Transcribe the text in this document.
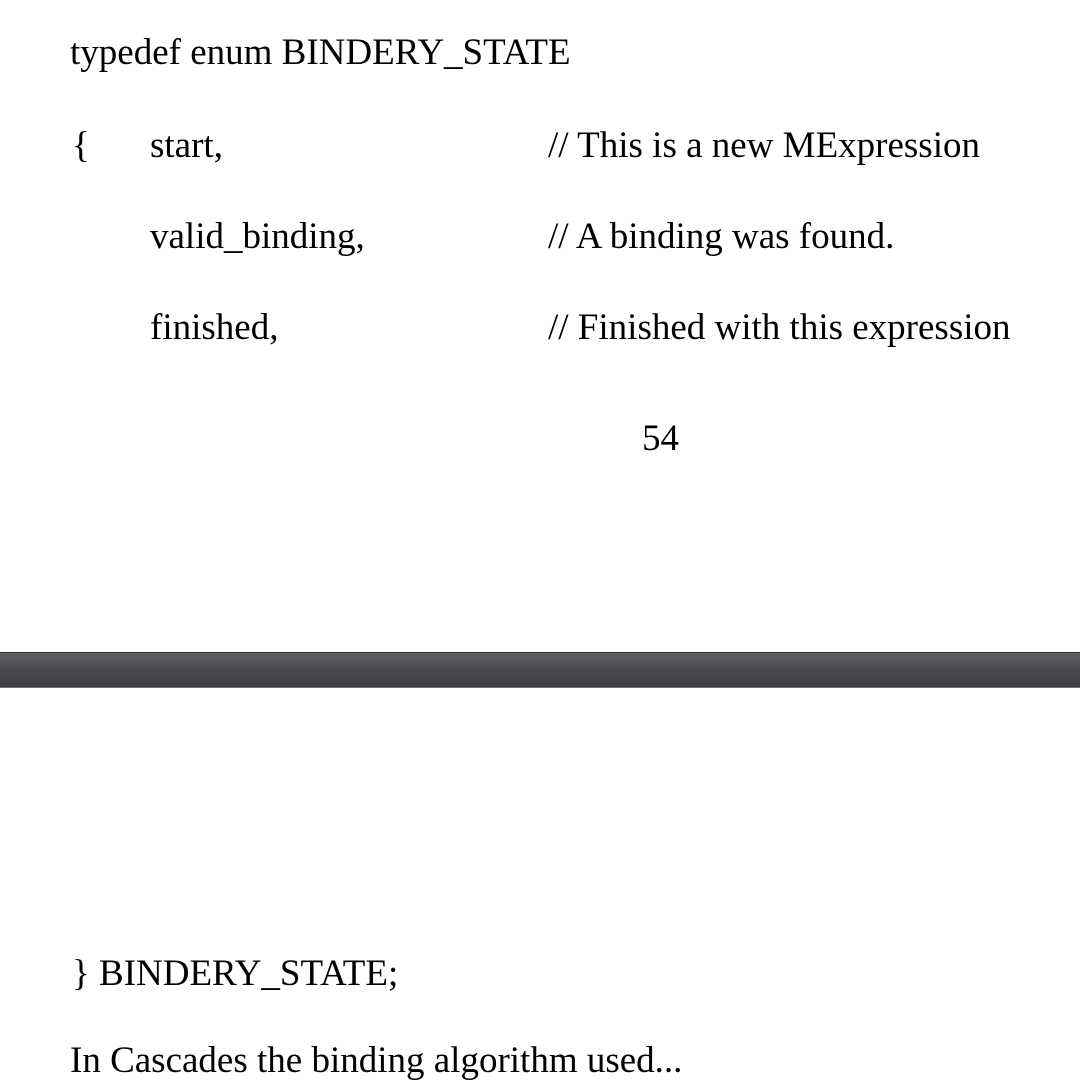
typedef enum BINDERY_STATE
{ start,	// This is a new MExpression
valid_binding,	// A binding was found.
finished,	// Finished with this expression
54
} BINDERY_STATE;
In Cascades the binding algorithm used...
